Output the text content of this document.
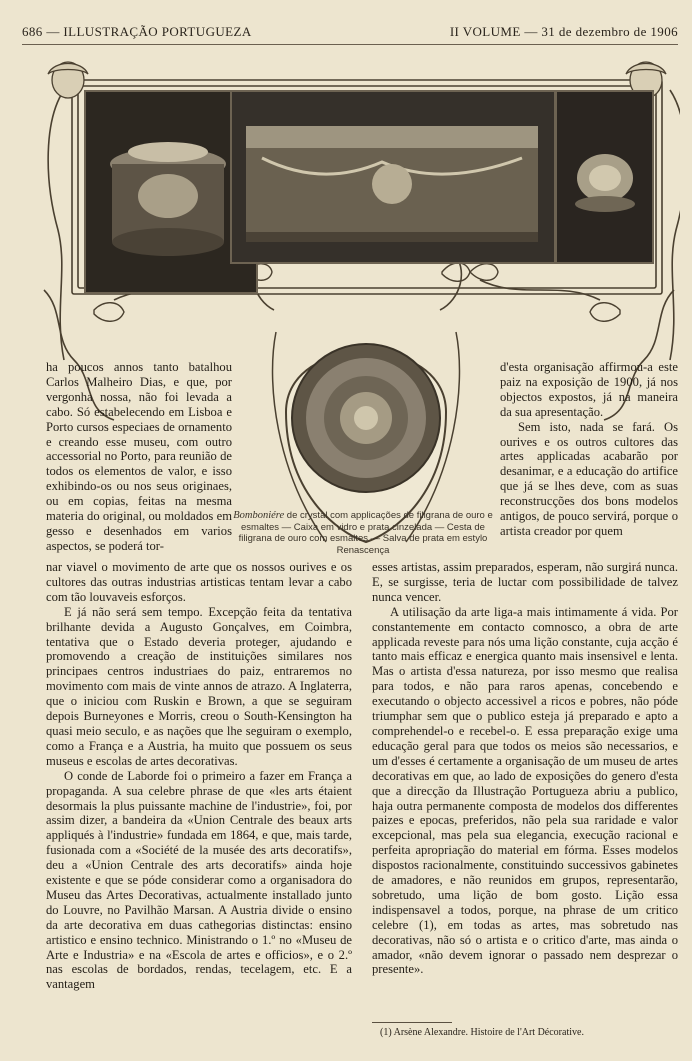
686 — ILLUSTRAÇÃO PORTUGUEZA	II VOLUME — 31 de dezembro de 1906
Bomboniére de crystal com applicações de filigrana de ouro e esmaltes — Caixa em vidro e prata cinzelada — Cesta de filigrana de ouro com esmaltes — Salva de prata em estylo Renascença

ha poucos annos tanto batalhou Carlos Malheiro Dias, e que, por vergonha nossa, não foi levada a cabo. Só estabelecendo em Lisboa e Porto cursos especiaes de ornamento e creando esse museu, com outro accessorial no Porto, para reunião de todos os elementos de valor, e isso exhibindo-os ou nos seus originaes, ou em copias, feitas na mesma materia do original, ou moldados em gesso e desenhados em varios aspectos, se poderá tor-

d'esta organisação affirmou-a este paiz na exposição de 1900, já nos objectos expostos, já na maneira da sua apresentação.

Sem isto, nada se fará. Os ourives e os outros cultores das artes applicadas acabarão por desanimar, e a educação do artifice que já se lhes deve, com as suas reconstrucções dos bons modelos antigos, de pouco servirá, porque o artista creador por quem

nar viavel o movimento de arte que os nossos ourives e os cultores das outras industrias artisticas tentam levar a cabo com tão louvaveis esforços.

E já não será sem tempo. Excepção feita da tentativa brilhante devida a Augusto Gonçalves, em Coimbra, tentativa que o Estado deveria proteger, ajudando e promovendo a creação de instituições similares nos principaes centros industriaes do paiz, entraremos no movimento com mais de vinte annos de atrazo. A Inglaterra, que o iniciou com Ruskin e Brown, a que se seguiram depois Burneyones e Morris, creou o South-Kensington ha quasi meio seculo, e as nações que lhe seguiram o exemplo, como a França e a Austria, ha muito que possuem os seus museus e escolas de artes decorativas.

O conde de Laborde foi o primeiro a fazer em França a propaganda. A sua celebre phrase de que «les arts étaient desormais la plus puissante machine de l'industrie», foi, por assim dizer, a bandeira da «Union Centrale des beaux arts appliqués à l'industrie» fundada em 1864, e que, mais tarde, fusionada com a «Société de la musée des arts decoratifs», deu a «Union Centrale des arts decoratifs» ainda hoje existente e que se póde considerar como a organisadora do Museu das Artes Decorativas, actualmente installado junto do Louvre, no Pavilhão Marsan. A Austria divide o ensino da arte decorativa em duas cathegorias distinctas: ensino artistico e ensino technico. Ministrando o 1.º no «Museu de Arte e Industria» e na «Escola de artes e officios», e o 2.º nas escolas de bordados, rendas, tecelagem, etc. E a vantagem

esses artistas, assim preparados, esperam, não surgirá nunca. E, se surgisse, teria de luctar com possibilidade de talvez nunca vencer.

A utilisação da arte liga-a mais intimamente á vida. Por constantemente em contacto comnosco, a obra de arte applicada reveste para nós uma lição constante, cuja acção é tanto mais efficaz e energica quanto mais insensivel e lenta. Mas o artista d'essa natureza, por isso mesmo que realisa para todos, e não para raros apenas, concebendo e executando o objecto accessivel a ricos e pobres, não póde triumphar sem que o publico esteja já preparado e apto a comprehendel-o e recebel-o. E essa preparação exige uma educação geral para que todos os meios são necessarios, e um d'esses é certamente a organisação de um museu de artes decorativas em que, ao lado de exposições do genero d'esta que a direcção da Illustração Portugueza abriu a publico, haja outra permanente composta de modelos dos differentes paizes e epocas, preferidos, não pela sua raridade e valor excepcional, mas pela sua elegancia, execução racional e perfeita apropriação do material em fórma. Esses modelos dispostos racionalmente, constituindo successivos gabinetes de amadores, e não reunidos em grupos, representarão, sobretudo, uma lição de bom gosto. Lição essa indispensavel a todos, porque, na phrase de um critico celebre (1), em todas as artes, mas sobretudo nas decorativas, não só o artista e o critico d'arte, mas ainda o amador, «não devem ignorar o passado nem desprezar o presente».

(1) Arsène Alexandre. Histoire de l'Art Décorative.
